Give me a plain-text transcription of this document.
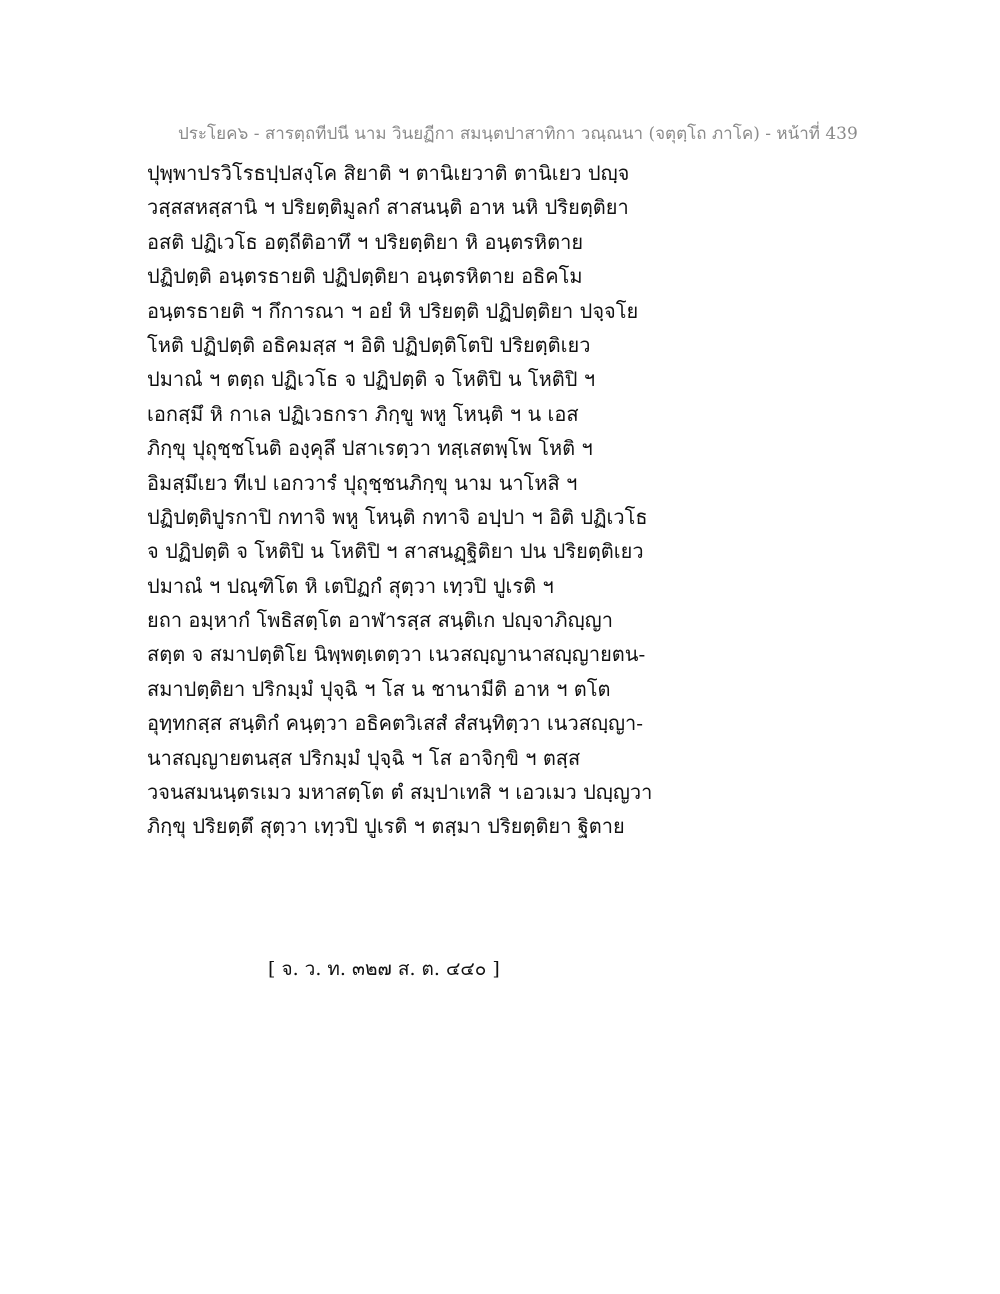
ประโยค๖ - สารตฺถทีปนี นาม วินยฏีกา สมนฺตปาสาทิกา วณฺณนา (จตุตฺโถ ภาโค) - หน้าที่ 439
ปุพฺพาปรวิโรธปฺปสงฺโค สิยาติ ฯ ตานิเยวาติ ตานิเยว ปญฺจ
วสฺสสหสฺสานิ ฯ ปริยตฺติมูลกํ สาสนนฺติ อาห นหิ ปริยตฺติยา
อสติ ปฏิเวโธ อตฺถีติอาทึ ฯ ปริยตฺติยา หิ อนฺตรหิตาย
ปฏิปตฺติ อนฺตรธายติ ปฏิปตฺติยา อนฺตรหิตาย อธิคโม
อนฺตรธายติ ฯ กึการณา ฯ อยํ หิ ปริยตฺติ ปฏิปตฺติยา ปจฺจโย
โหติ ปฏิปตฺติ อธิคมสฺส ฯ อิติ ปฏิปตฺติโตปิ ปริยตฺติเยว
ปมาณํ ฯ ตตฺถ ปฏิเวโธ จ ปฏิปตฺติ จ โหติปิ น โหติปิ ฯ
เอกสฺมึ หิ กาเล ปฏิเวธกรา ภิกฺขู พหู โหนฺติ ฯ น เอส
ภิกฺขุ ปุถุชฺชโนติ องฺคุลึ ปสาเรตฺวา ทสฺเสตพฺโพ โหติ ฯ
อิมสฺมึเยว ทีเป เอกวารํ ปุถุชฺชนภิกฺขุ นาม นาโหสิ ฯ
ปฏิปตฺติปูรกาปิ กทาจิ พหู โหนฺติ กทาจิ อปฺปา ฯ อิติ ปฏิเวโธ
จ ปฏิปตฺติ จ โหติปิ น โหติปิ ฯ สาสนฏฺฐิติยา ปน ปริยตฺติเยว
ปมาณํ ฯ ปณฺฑิโต หิ เตปิฏกํ สุตฺวา เทฺวปิ ปูเรติ ฯ
ยถา อมฺหากํ โพธิสตฺโต อาฬารสฺส สนฺติเก ปญฺจาภิญฺญา
สตฺต จ สมาปตฺติโย นิพฺพตฺเตตฺวา เนวสญฺญานาสญฺญายตน-
สมาปตฺติยา ปริกมฺมํ ปุจฺฉิ ฯ โส น ชานามีติ อาห ฯ ตโต
อุทฺทกสฺส สนฺติกํ คนฺตฺวา อธิคตวิเสสํ สํสนฺทิตฺวา เนวสญฺญา-
นาสญฺญายตนสฺส ปริกมฺมํ ปุจฺฉิ ฯ โส อาจิกฺขิ ฯ ตสฺส
วจนสมนนฺตรเมว มหาสตฺโต ตํ สมฺปาเทสิ ฯ เอวเมว ปญฺญวา
ภิกฺขุ ปริยตฺตึ สุตฺวา เทฺวปิ ปูเรติ ฯ ตสฺมา ปริยตฺติยา ฐิตาย
[ จ. ว. ท. ๓๒๗ ส. ต. ๔๔๐ ]
